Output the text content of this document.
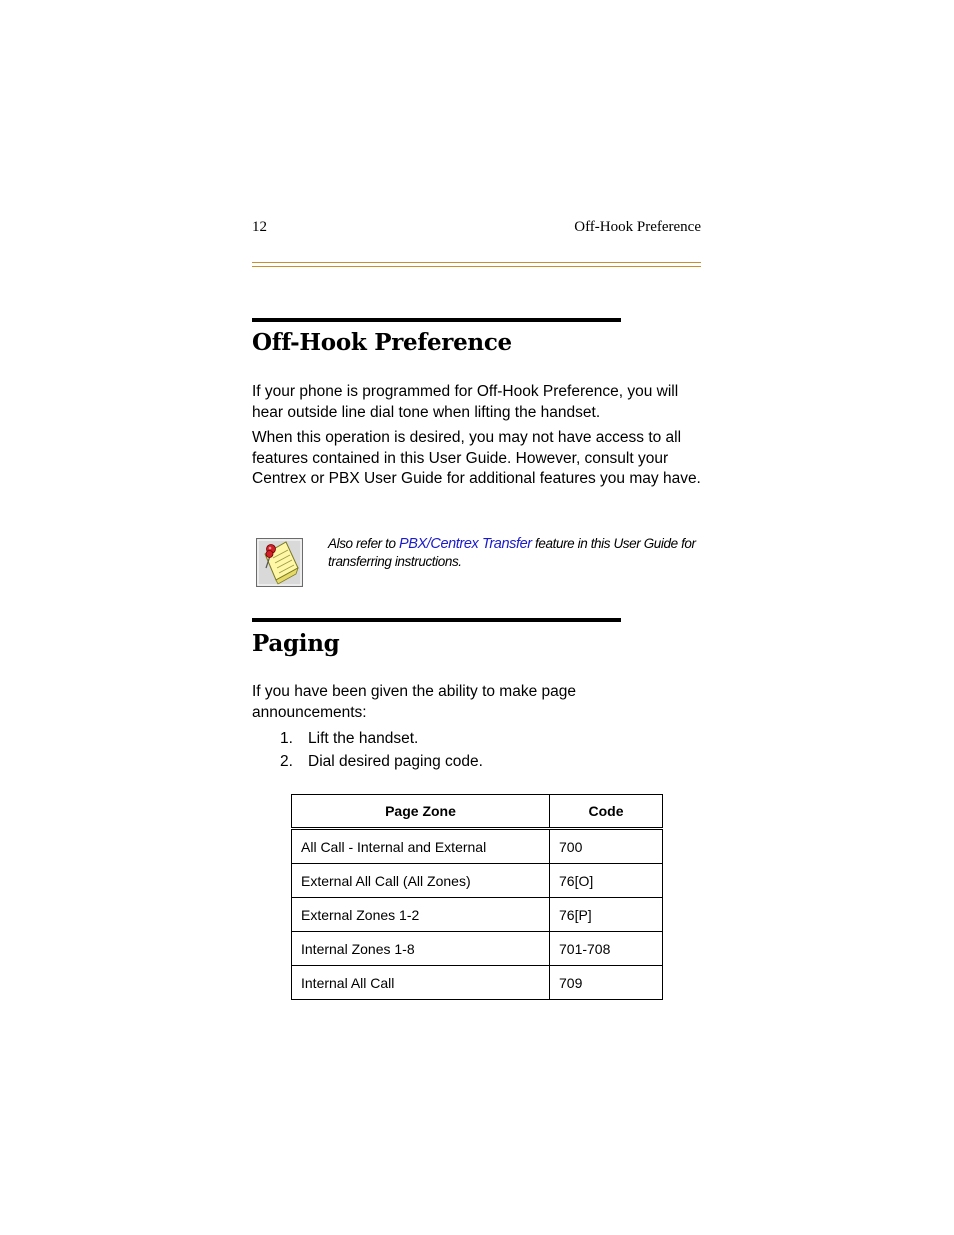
12	Off-Hook Preference
Off-Hook Preference
If your phone is programmed for Off-Hook Preference, you will hear outside line dial tone when lifting the handset.
When this operation is desired, you may not have access to all features contained in this User Guide. However, consult your Centrex or PBX User Guide for additional features you may have.
Also refer to PBX/Centrex Transfer feature in this User Guide for transferring instructions.
Paging
If you have been given the ability to make page announcements:
1. Lift the handset.
2. Dial desired paging code.
Page Zone	Code
All Call - Internal and External	700
External All Call (All Zones)	76[O]
External Zones 1-2	76[P]
Internal Zones 1-8	701-708
Internal All Call	709
